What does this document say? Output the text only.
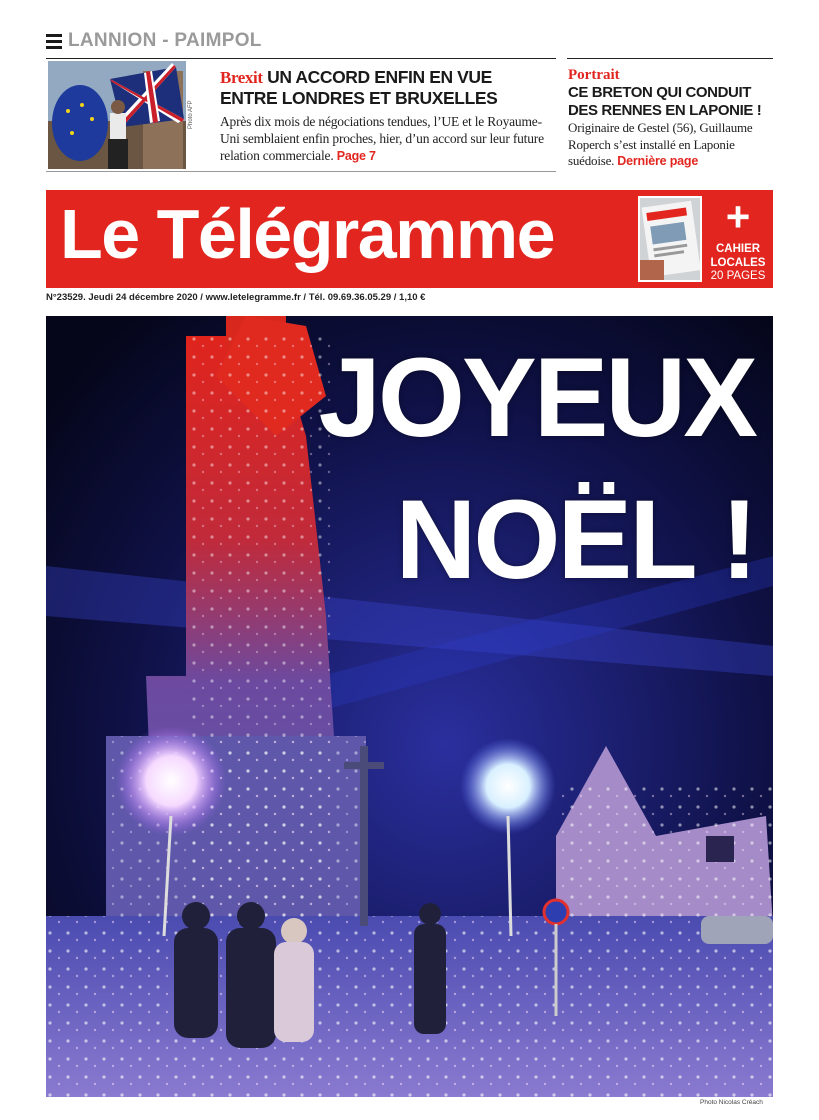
LANNION - PAIMPOL
Photo AFP
Brexit UN ACCORD ENFIN EN VUE ENTRE LONDRES ET BRUXELLES
Après dix mois de négociations tendues, l’UE et le Royaume-Uni semblaient enfin proches, hier, d’un accord sur leur future relation commerciale. Page 7
Portrait
CE BRETON QUI CONDUIT DES RENNES EN LAPONIE !
Originaire de Gestel (56), Guillaume Roperch s’est installé en Laponie suédoise. Dernière page
Le Télégramme	+
CAHIER
LOCALES
20 PAGES
N°23529. Jeudi 24 décembre 2020 / www.letelegramme.fr / Tél. 09.69.36.05.29 / 1,10 €
JOYEUX
NOËL !
Photo Nicolas Créach
